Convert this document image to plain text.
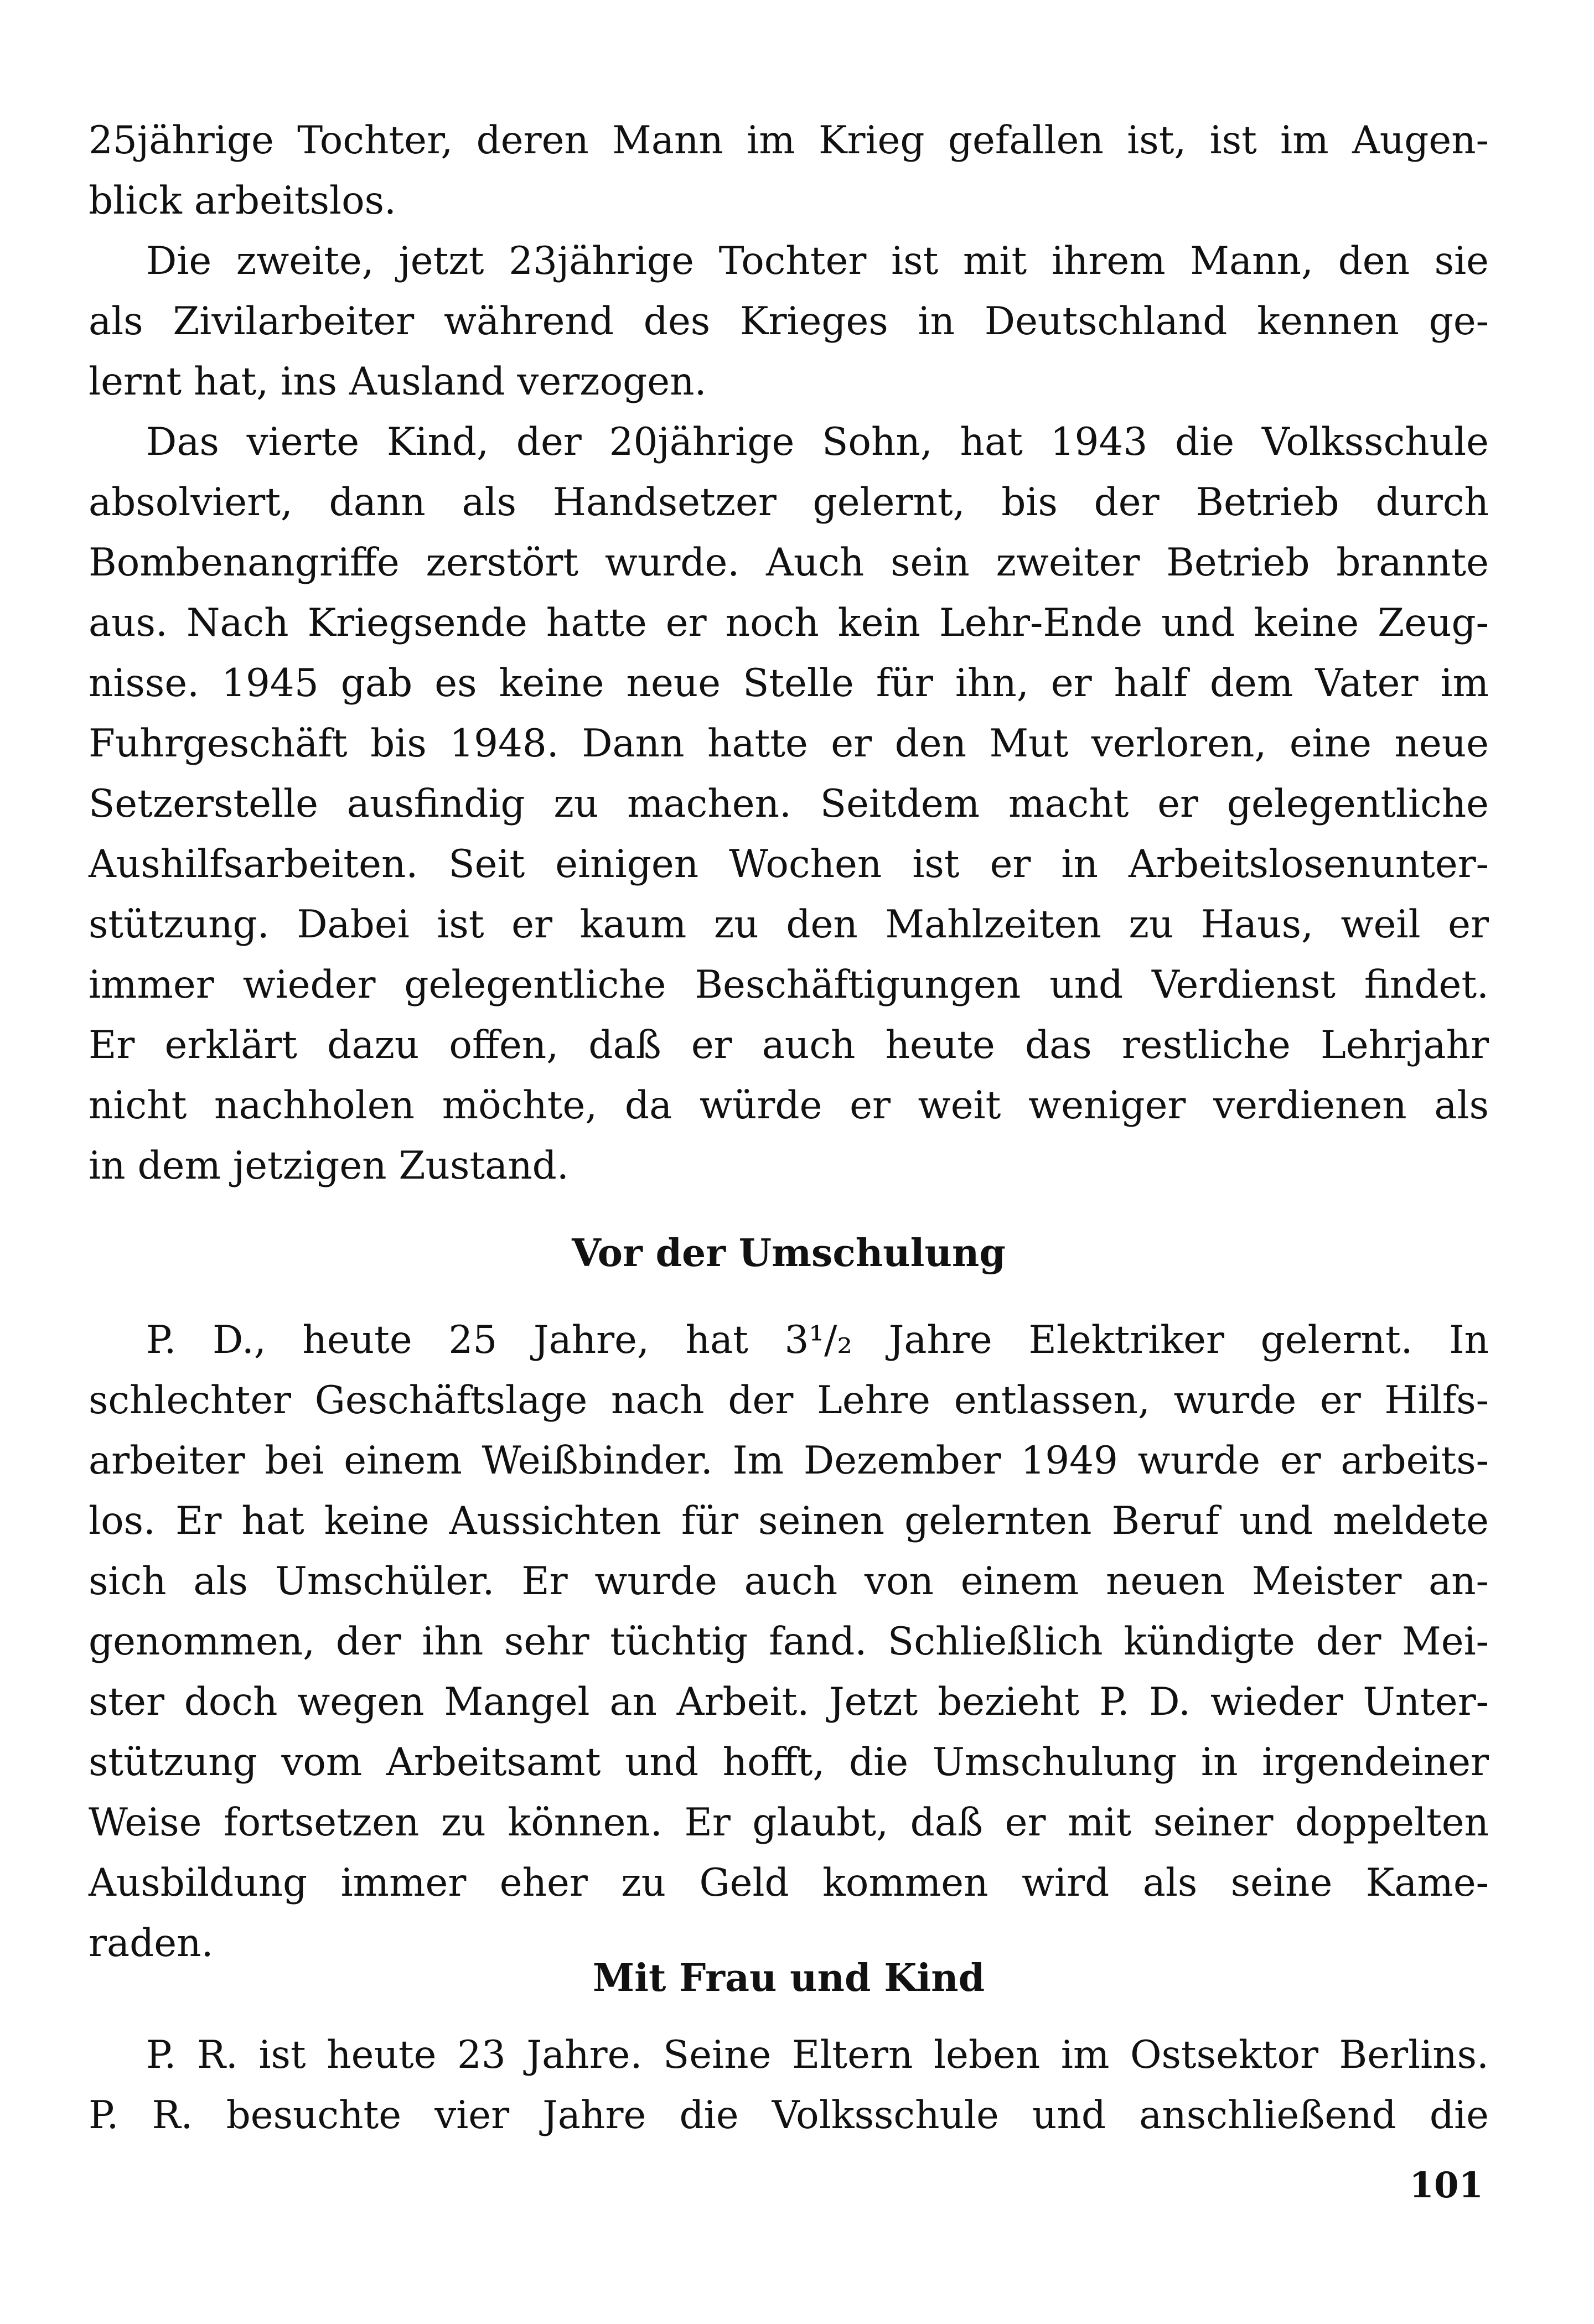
25jährige Tochter, deren Mann im Krieg gefallen ist, ist im Augen-
blick arbeitslos.
Die zweite, jetzt 23jährige Tochter ist mit ihrem Mann, den sie
als Zivilarbeiter während des Krieges in Deutschland kennen ge-
lernt hat, ins Ausland verzogen.
Das vierte Kind, der 20jährige Sohn, hat 1943 die Volksschule
absolviert, dann als Handsetzer gelernt, bis der Betrieb durch
Bombenangriffe zerstört wurde. Auch sein zweiter Betrieb brannte
aus. Nach Kriegsende hatte er noch kein Lehr-Ende und keine Zeug-
nisse. 1945 gab es keine neue Stelle für ihn, er half dem Vater im
Fuhrgeschäft bis 1948. Dann hatte er den Mut verloren, eine neue
Setzerstelle ausfindig zu machen. Seitdem macht er gelegentliche
Aushilfsarbeiten. Seit einigen Wochen ist er in Arbeitslosenunter-
stützung. Dabei ist er kaum zu den Mahlzeiten zu Haus, weil er
immer wieder gelegentliche Beschäftigungen und Verdienst findet.
Er erklärt dazu offen, daß er auch heute das restliche Lehrjahr
nicht nachholen möchte, da würde er weit weniger verdienen als
in dem jetzigen Zustand.
Vor der Umschulung
P. D., heute 25 Jahre, hat 3¹/₂ Jahre Elektriker gelernt. In
schlechter Geschäftslage nach der Lehre entlassen, wurde er Hilfs-
arbeiter bei einem Weißbinder. Im Dezember 1949 wurde er arbeits-
los. Er hat keine Aussichten für seinen gelernten Beruf und meldete
sich als Umschüler. Er wurde auch von einem neuen Meister an-
genommen, der ihn sehr tüchtig fand. Schließlich kündigte der Mei-
ster doch wegen Mangel an Arbeit. Jetzt bezieht P. D. wieder Unter-
stützung vom Arbeitsamt und hofft, die Umschulung in irgendeiner
Weise fortsetzen zu können. Er glaubt, daß er mit seiner doppelten
Ausbildung immer eher zu Geld kommen wird als seine Kame-
raden.
Mit Frau und Kind
P. R. ist heute 23 Jahre. Seine Eltern leben im Ostsektor Berlins.
P. R. besuchte vier Jahre die Volksschule und anschließend die
101
